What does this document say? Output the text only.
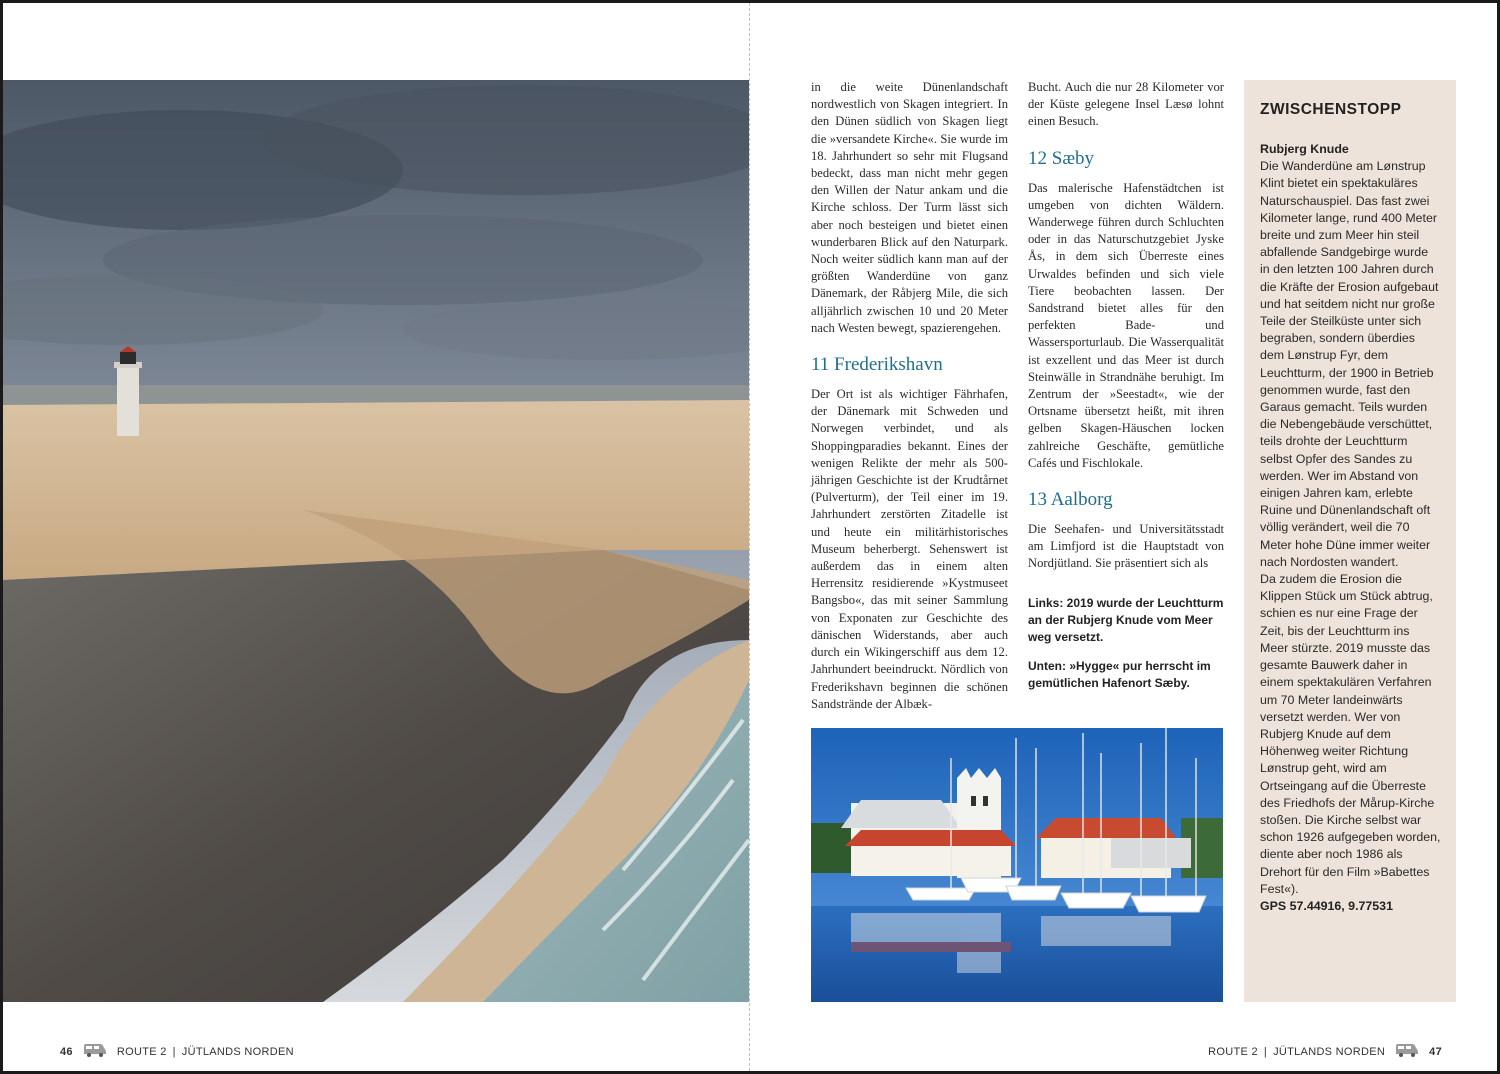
in die weite Dünenlandschaft nordwestlich von Skagen integriert. In den Dünen südlich von Skagen liegt die »versandete Kirche«. Sie wurde im 18. Jahrhundert so sehr mit Flugsand bedeckt, dass man nicht mehr gegen den Willen der Natur ankam und die Kirche schloss. Der Turm lässt sich aber noch besteigen und bietet einen wunderbaren Blick auf den Naturpark. Noch weiter südlich kann man auf der größten Wanderdüne von ganz Dänemark, der Råbjerg Mile, die sich alljährlich zwischen 10 und 20 Meter nach Westen bewegt, spazierengehen.

11 Frederikshavn

Der Ort ist als wichtiger Fährhafen, der Dänemark mit Schweden und Norwegen verbindet, und als Shoppingparadies bekannt. Eines der wenigen Relikte der mehr als 500-jährigen Geschichte ist der Krudtårnet (Pulverturm), der Teil einer im 19. Jahrhundert zerstörten Zitadelle ist und heute ein militärhistorisches Museum beherbergt. Sehenswert ist außerdem das in einem alten Herrensitz residierende »Kystmuseet Bangsbo«, das mit seiner Sammlung von Exponaten zur Geschichte des dänischen Widerstands, aber auch durch ein Wikingerschiff aus dem 12. Jahrhundert beeindruckt. Nördlich von Frederikshavn beginnen die schönen Sandstrände der Albæk-

Bucht. Auch die nur 28 Kilometer vor der Küste gelegene Insel Læsø lohnt einen Besuch.

12 Sæby

Das malerische Hafenstädtchen ist umgeben von dichten Wäldern. Wanderwege führen durch Schluchten oder in das Naturschutzgebiet Jyske Ås, in dem sich Überreste eines Urwaldes befinden und sich viele Tiere beobachten lassen. Der Sandstrand bietet alles für den perfekten Bade- und Wassersporturlaub. Die Wasserqualität ist exzellent und das Meer ist durch Steinwälle in Strandnähe beruhigt. Im Zentrum der »Seestadt«, wie der Ortsname übersetzt heißt, mit ihren gelben Skagen-Häuschen locken zahlreiche Geschäfte, gemütliche Cafés und Fischlokale.

13 Aalborg

Die Seehafen- und Universitätsstadt am Limfjord ist die Hauptstadt von Nordjütland. Sie präsentiert sich als

Links: 2019 wurde der Leuchtturm an der Rubjerg Knude vom Meer weg versetzt.

Unten: »Hygge« pur herrscht im gemütlichen Hafenort Sæby.

ZWISCHENSTOPP
Rubjerg Knude
Die Wanderdüne am Lønstrup Klint bietet ein spektakuläres Naturschauspiel. Das fast zwei Kilometer lange, rund 400 Meter breite und zum Meer hin steil abfallende Sandgebirge wurde in den letzten 100 Jahren durch die Kräfte der Erosion aufgebaut und hat seitdem nicht nur große Teile der Steilküste unter sich begraben, sondern überdies dem Lønstrup Fyr, dem Leuchtturm, der 1900 in Betrieb genommen wurde, fast den Garaus gemacht. Teils wurden die Nebengebäude verschüttet, teils drohte der Leuchtturm selbst Opfer des Sandes zu werden. Wer im Abstand von einigen Jahren kam, erlebte Ruine und Dünenlandschaft oft völlig verändert, weil die 70 Meter hohe Düne immer weiter nach Nordosten wandert.
Da zudem die Erosion die Klippen Stück um Stück abtrug, schien es nur eine Frage der Zeit, bis der Leuchtturm ins Meer stürzte. 2019 musste das gesamte Bauwerk daher in einem spektakulären Verfahren um 70 Meter landeinwärts versetzt werden. Wer von Rubjerg Knude auf dem Höhenweg weiter Richtung Lønstrup geht, wird am Ortseingang auf die Überreste des Friedhofs der Mårup-Kirche stoßen. Die Kirche selbst war schon 1926 aufgegeben worden, diente aber noch 1986 als Drehort für den Film »Babettes Fest«).
GPS 57.44916, 9.77531
46	ROUTE 2 | JÜTLANDS NORDEN	ROUTE 2 | JÜTLANDS NORDEN	47
